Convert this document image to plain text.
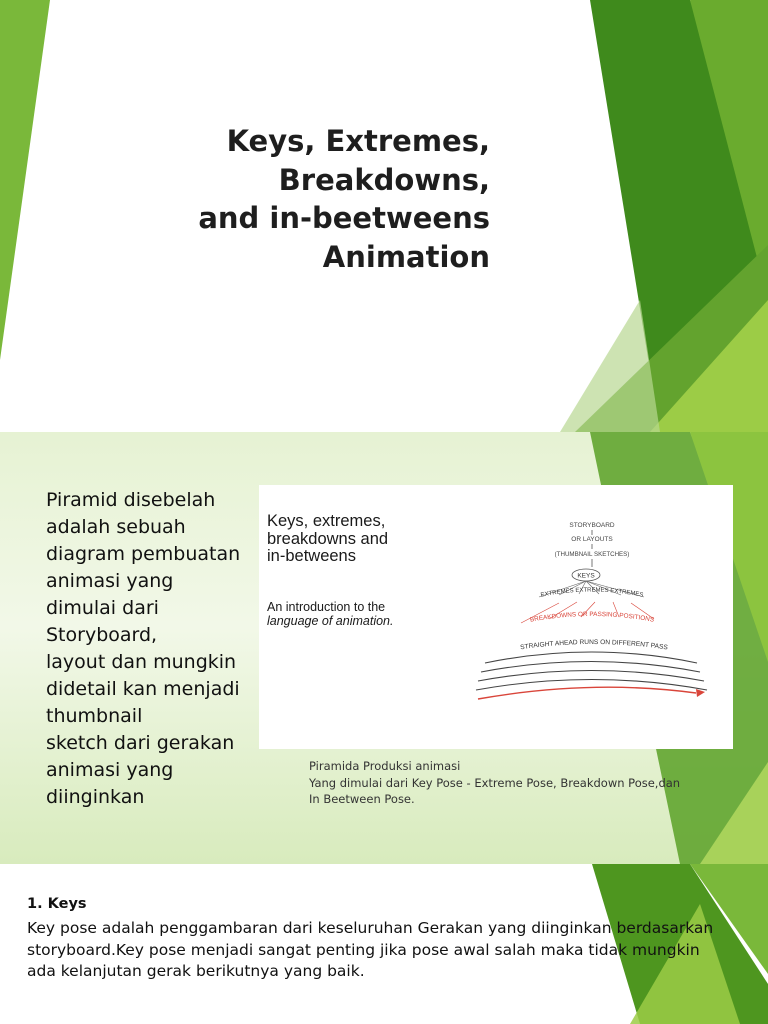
Keys, Extremes,
Breakdowns,
and in-beetweens
Animation
Piramid disebelah
adalah sebuah
diagram pembuatan
animasi yang
dimulai dari
Storyboard,
layout dan mungkin
didetail kan menjadi
thumbnail
sketch dari gerakan
animasi yang
diinginkan
Keys, extremes,
breakdowns and
in-betweens
An introduction to the
language of animation.
STORYBOARD
OR LAYOUTS
(THUMBNAIL SKETCHES)
KEYS
EXTREMES EXTREMES EXTREMES
BREAKDOWNS OR PASSING POSITIONS
STRAIGHT AHEAD RUNS ON DIFFERENT PASS
Piramida Produksi animasi
Yang dimulai dari Key Pose - Extreme Pose, Breakdown Pose,dan
In Beetween Pose.
1. Keys
Key pose adalah penggambaran dari keseluruhan Gerakan yang diinginkan berdasarkan storyboard.Key pose menjadi sangat penting jika pose awal salah maka tidak mungkin ada kelanjutan gerak berikutnya yang baik.
